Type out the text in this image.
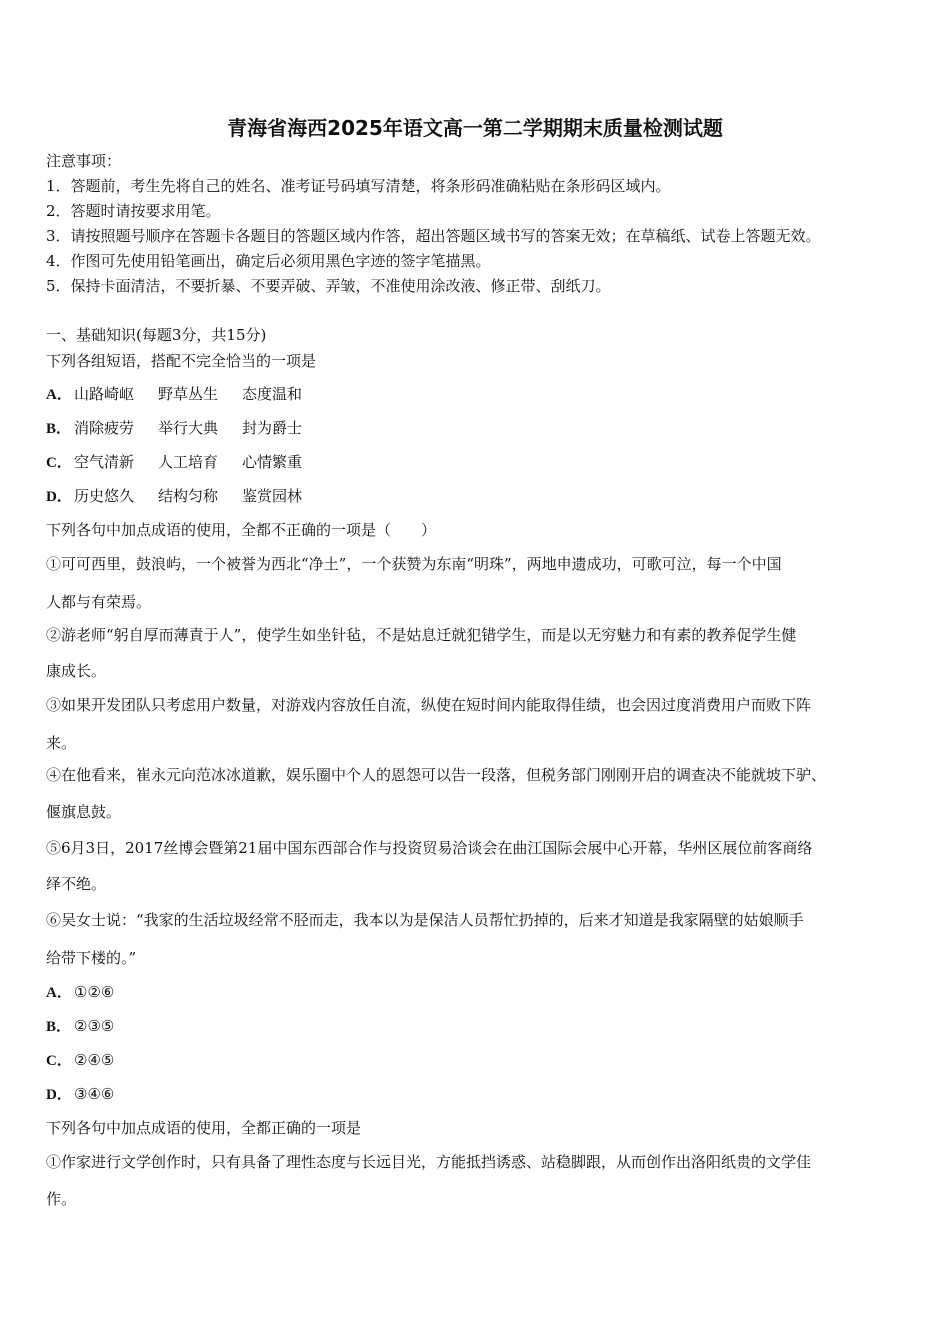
青海省海西2025年语文高一第二学期期末质量检测试题
注意事项：
1．答题前，考生先将自己的姓名、准考证号码填写清楚，将条形码准确粘贴在条形码区域内。
2．答题时请按要求用笔。
3．请按照题号顺序在答题卡各题目的答题区域内作答，超出答题区域书写的答案无效；在草稿纸、试卷上答题无效。
4．作图可先使用铅笔画出，确定后必须用黑色字迹的签字笔描黑。
5．保持卡面清洁，不要折暴、不要弄破、弄皱，不准使用涂改液、修正带、刮纸刀。
一、基础知识(每题3分，共15分)
下列各组短语，搭配不完全恰当的一项是
A． 山路崎岖 野草丛生 态度温和
B． 消除疲劳 举行大典 封为爵士
C． 空气清新 人工培育 心情繁重
D． 历史悠久 结构匀称 鉴赏园林
下列各句中加点成语的使用，全都不正确的一项是（　　）
①可可西里，鼓浪屿，一个被誉为西北“净土”，一个获赞为东南“明珠”，两地申遗成功，可歌可泣，每一个中国
人都与有荣焉。
②游老师“躬自厚而薄責于人”，使学生如坐针毡，不是姑息迁就犯错学生，而是以无穷魅力和有素的教养促学生健
康成长。
③如果开发团队只考虑用户数量，对游戏内容放任自流，纵使在短时间内能取得佳绩，也会因过度消费用户而败下阵
来。
④在他看来，崔永元向范冰冰道歉，娱乐圈中个人的恩怨可以告一段落，但税务部门刚刚开启的调查决不能就坡下驴、
偃旗息鼓。
⑤6月3日，2017丝博会暨第21届中国东西部合作与投资贸易洽谈会在曲江国际会展中心开幕，华州区展位前客商络
绎不绝。
⑥吴女士说：“我家的生活垃圾经常不胫而走，我本以为是保洁人员帮忙扔掉的，后来才知道是我家隔壁的姑娘顺手
给带下楼的。”
A． ①②⑥
B． ②③⑤
C． ②④⑤
D． ③④⑥
下列各句中加点成语的使用，全都正确的一项是
①作家进行文学创作时，只有具备了理性态度与长远目光，方能抵挡诱惑、站稳脚跟，从而创作出洛阳纸贵的文学佳
作。
